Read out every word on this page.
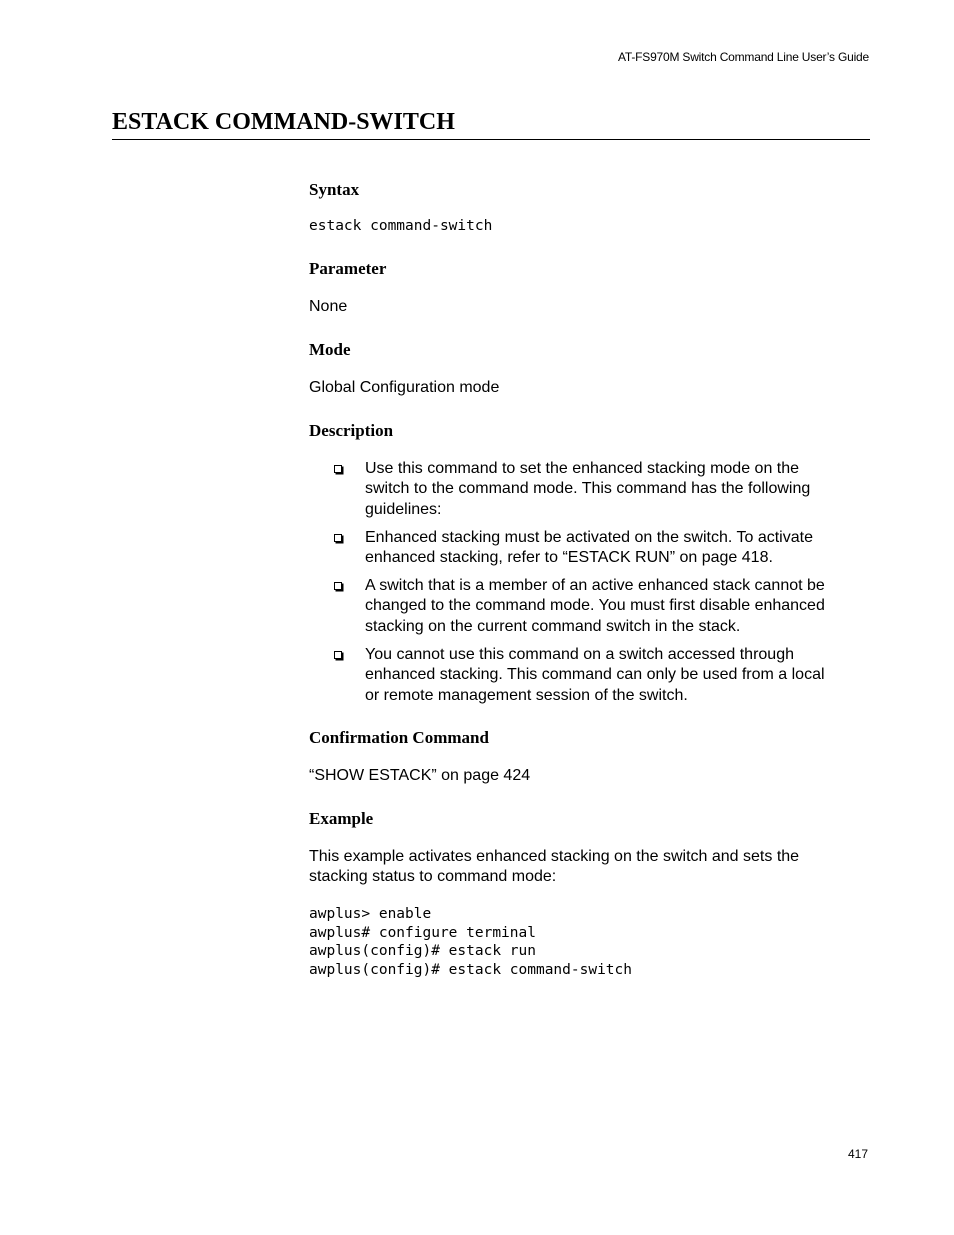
AT-FS970M Switch Command Line User’s Guide
ESTACK COMMAND-SWITCH
Syntax
estack command-switch
Parameter

None

Mode

Global Configuration mode

Description
Use this command to set the enhanced stacking mode on the
switch to the command mode. This command has the following
guidelines:
Enhanced stacking must be activated on the switch. To activate
enhanced stacking, refer to “ESTACK RUN” on page 418.
A switch that is a member of an active enhanced stack cannot be
changed to the command mode. You must first disable enhanced
stacking on the current command switch in the stack.
You cannot use this command on a switch accessed through
enhanced stacking. This command can only be used from a local
or remote management session of the switch.
Confirmation Command

“SHOW ESTACK” on page 424

Example

This example activates enhanced stacking on the switch and sets the

stacking status to command mode:

awplus> enable
awplus# configure terminal
awplus(config)# estack run
awplus(config)# estack command-switch
417
